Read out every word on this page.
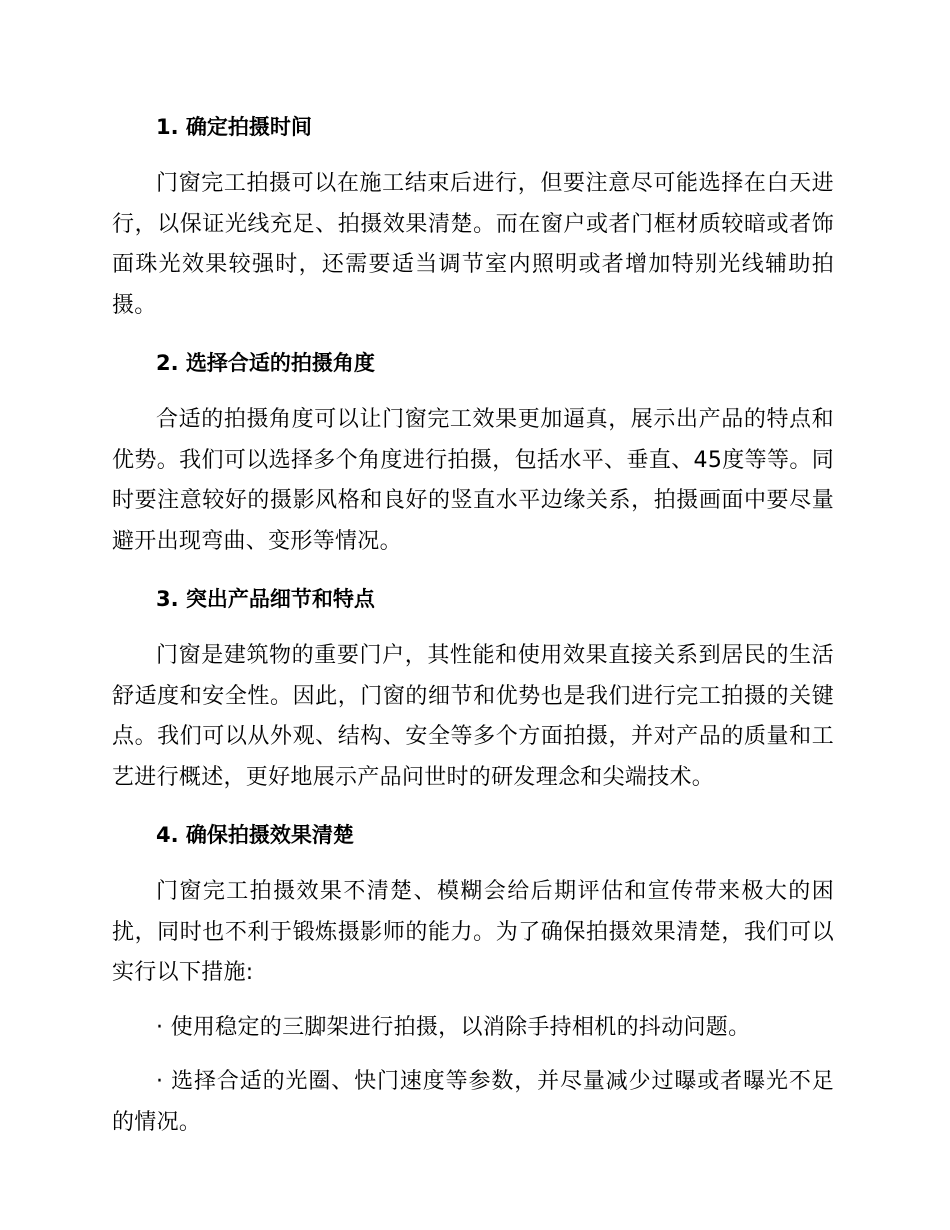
1. 确定拍摄时间

门窗完工拍摄可以在施工结束后进行，但要注意尽可能选择在白天进行，以保证光线充足、拍摄效果清楚。而在窗户或者门框材质较暗或者饰面珠光效果较强时，还需要适当调节室内照明或者增加特别光线辅助拍摄。

2. 选择合适的拍摄角度

合适的拍摄角度可以让门窗完工效果更加逼真，展示出产品的特点和优势。我们可以选择多个角度进行拍摄，包括水平、垂直、45度等等。同时要注意较好的摄影风格和良好的竖直水平边缘关系，拍摄画面中要尽量避开出现弯曲、变形等情况。

3. 突出产品细节和特点

门窗是建筑物的重要门户，其性能和使用效果直接关系到居民的生活舒适度和安全性。因此，门窗的细节和优势也是我们进行完工拍摄的关键点。我们可以从外观、结构、安全等多个方面拍摄，并对产品的质量和工艺进行概述，更好地展示产品问世时的研发理念和尖端技术。

4. 确保拍摄效果清楚

门窗完工拍摄效果不清楚、模糊会给后期评估和宣传带来极大的困扰，同时也不利于锻炼摄影师的能力。为了确保拍摄效果清楚，我们可以实行以下措施:

· 使用稳定的三脚架进行拍摄，以消除手持相机的抖动问题。

· 选择合适的光圈、快门速度等参数，并尽量减少过曝或者曝光不足的情况。
